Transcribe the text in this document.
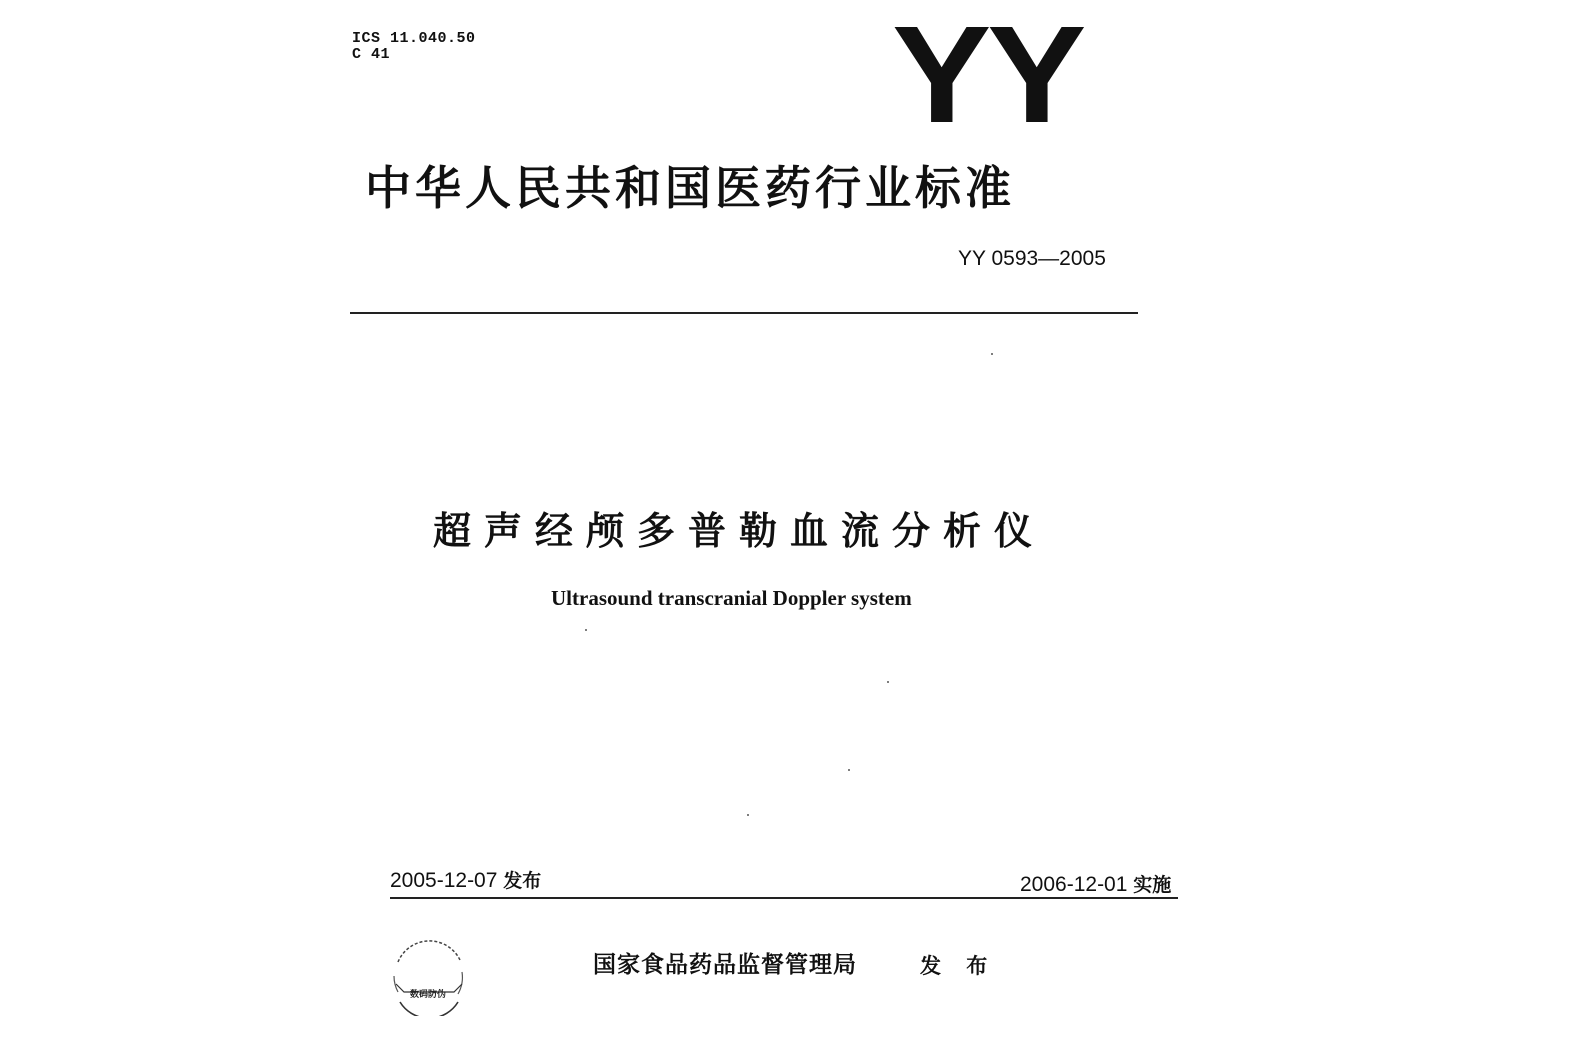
ICS 11.040.50
C 41	YY
中华人民共和国医药行业标准
YY 0593—2005
超声经颅多普勒血流分析仪
Ultrasound transcranial Doppler system
2005-12-07 发布	2006-12-01 实施
数码防伪
国家食品药品监督管理局	发 布
